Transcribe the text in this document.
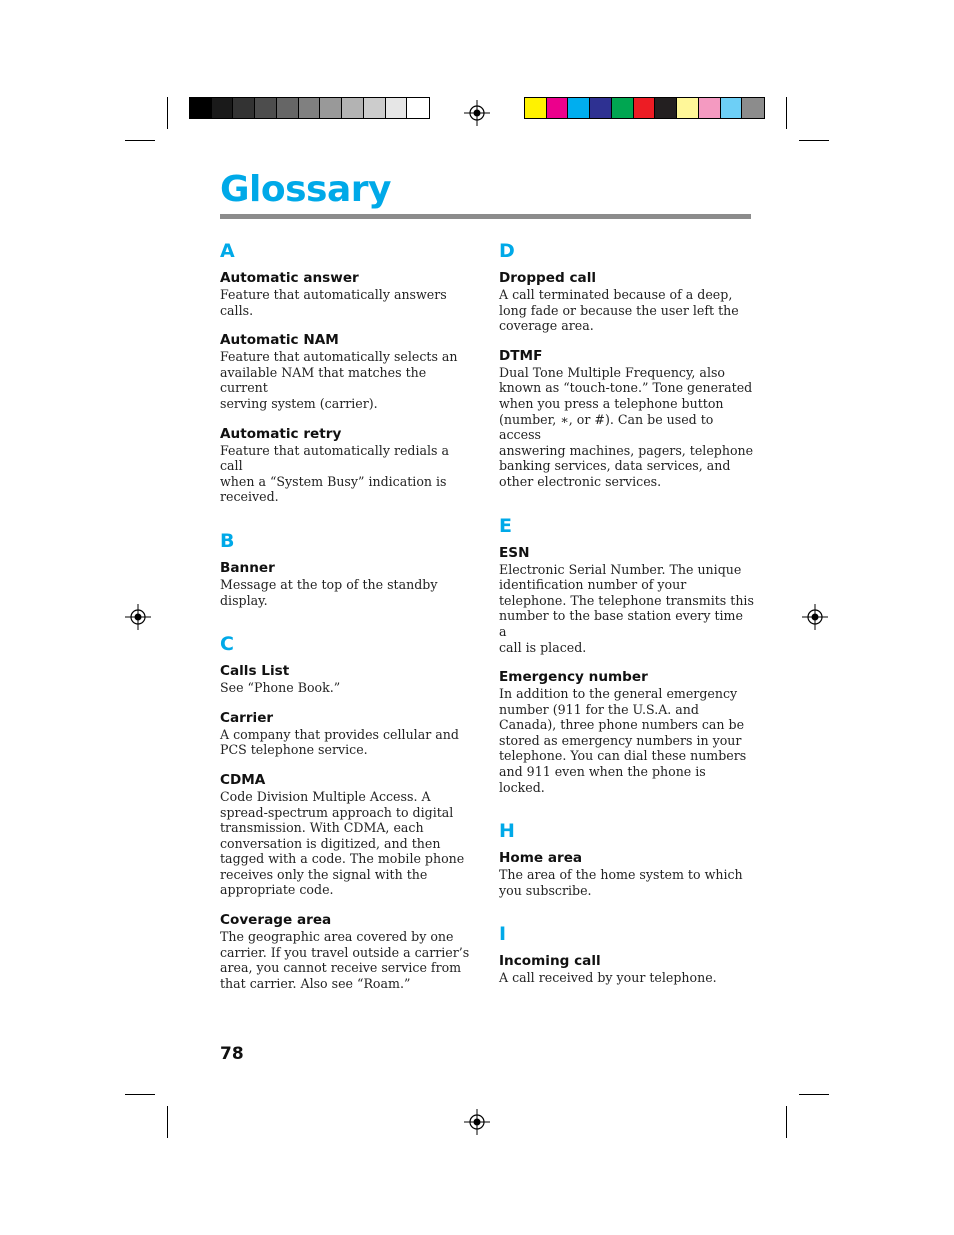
Glossary
A
Automatic answer
Feature that automatically answers
calls.
Automatic NAM
Feature that automatically selects an
available NAM that matches the current
serving system (carrier).
Automatic retry
Feature that automatically redials a call
when a “System Busy” indication is
received.
B
Banner
Message at the top of the standby
display.
C
Calls List
See “Phone Book.”
Carrier
A company that provides cellular and
PCS telephone service.
CDMA
Code Division Multiple Access. A
spread-spectrum approach to digital
transmission. With CDMA, each
conversation is digitized, and then
tagged with a code. The mobile phone
receives only the signal with the
appropriate code.
Coverage area
The geographic area covered by one
carrier. If you travel outside a carrier’s
area, you cannot receive service from
that carrier. Also see “Roam.”
D
Dropped call
A call terminated because of a deep,
long fade or because the user left the
coverage area.
DTMF
Dual Tone Multiple Frequency, also
known as “touch-tone.” Tone generated
when you press a telephone button
(number, ∗, or #). Can be used to access
answering machines, pagers, telephone
banking services, data services, and
other electronic services.
E
ESN
Electronic Serial Number. The unique
identification number of your
telephone. The telephone transmits this
number to the base station every time a
call is placed.
Emergency number
In addition to the general emergency
number (911 for the U.S.A. and
Canada), three phone numbers can be
stored as emergency numbers in your
telephone. You can dial these numbers
and 911 even when the phone is locked.
H
Home area
The area of the home system to which
you subscribe.
I
Incoming call
A call received by your telephone.
78
